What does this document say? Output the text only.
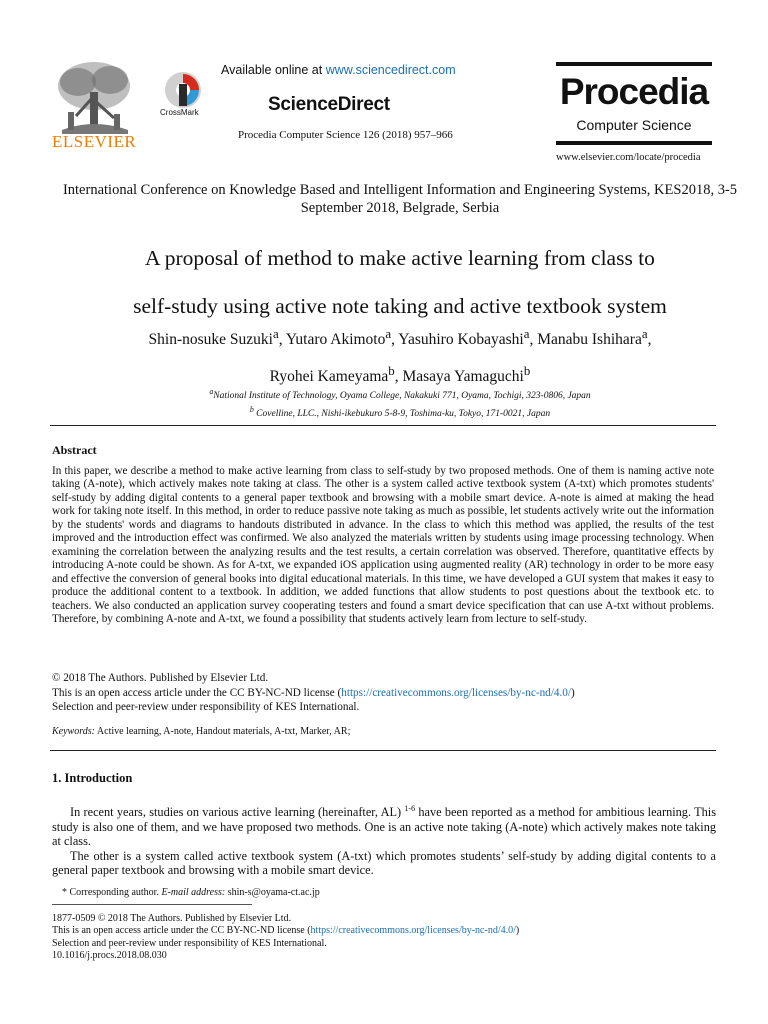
ELSEVIER
CrossMark
Available online at www.sciencedirect.com
ScienceDirect
Procedia Computer Science 126 (2018) 957–966
Procedia
Computer Science
www.elsevier.com/locate/procedia
International Conference on Knowledge Based and Intelligent Information and Engineering Systems, KES2018, 3-5 September 2018, Belgrade, Serbia
A proposal of method to make active learning from class to
self-study using active note taking and active textbook system
Shin-nosuke Suzuki$^a$, Yutaro Akimoto$^a$, Yasuhiro Kobayashi$^a$, Manabu Ishihara$^a$,
Ryohei Kameyama$^b$, Masaya Yamaguchi$^b$
$^a$National Institute of Technology, Oyama College, Nakakuki 771, Oyama, Tochigi, 323-0806, Japan
$^b$ Covelline, LLC., Nishi-ikebukuro 5-8-9, Toshima-ku, Tokyo, 171-0021, Japan
Abstract
In this paper, we describe a method to make active learning from class to self-study by two proposed methods. One of them is naming active note taking (A-note), which actively makes note taking at class. The other is a system called active textbook system (A-txt) which promotes students' self-study by adding digital contents to a general paper textbook and browsing with a mobile smart device. A-note is aimed at making the head work for taking note itself. In this method, in order to reduce passive note taking as much as possible, let students actively write out the information by the students' words and diagrams to handouts distributed in advance. In the class to which this method was applied, the results of the test improved and the introduction effect was confirmed. We also analyzed the materials written by students using image processing technology. When examining the correlation between the analyzing results and the test results, a certain correlation was observed. Therefore, quantitative effects by introducing A-note could be shown. As for A-txt, we expanded iOS application using augmented reality (AR) technology in order to be more easy and effective the conversion of general books into digital educational materials. In this time, we have developed a GUI system that makes it easy to produce the additional content to a textbook. In addition, we added functions that allow students to post questions about the textbook etc. to teachers. We also conducted an application survey cooperating testers and found a smart device specification that can use A-txt without problems. Therefore, by combining A-note and A-txt, we found a possibility that students actively learn from lecture to self-study.
© 2018 The Authors. Published by Elsevier Ltd.
This is an open access article under the CC BY-NC-ND license (https://creativecommons.org/licenses/by-nc-nd/4.0/)
Selection and peer-review under responsibility of KES International.
Keywords: Active learning, A-note, Handout materials, A-txt, Marker, AR;
1. Introduction

In recent years, studies on various active learning (hereinafter, AL) $^{1-6}$ have been reported as a method for ambitious learning. This study is also one of them, and we have proposed two methods. One is an active note taking (A-note) which actively makes note taking at class.

The other is a system called active textbook system (A-txt) which promotes students’ self-study by adding digital contents to a general paper textbook and browsing with a mobile smart device.

* Corresponding author. E-mail address: shin-s@oyama-ct.ac.jp
1877-0509 © 2018 The Authors. Published by Elsevier Ltd.
This is an open access article under the CC BY-NC-ND license (https://creativecommons.org/licenses/by-nc-nd/4.0/)
Selection and peer-review under responsibility of KES International.
10.1016/j.procs.2018.08.030
